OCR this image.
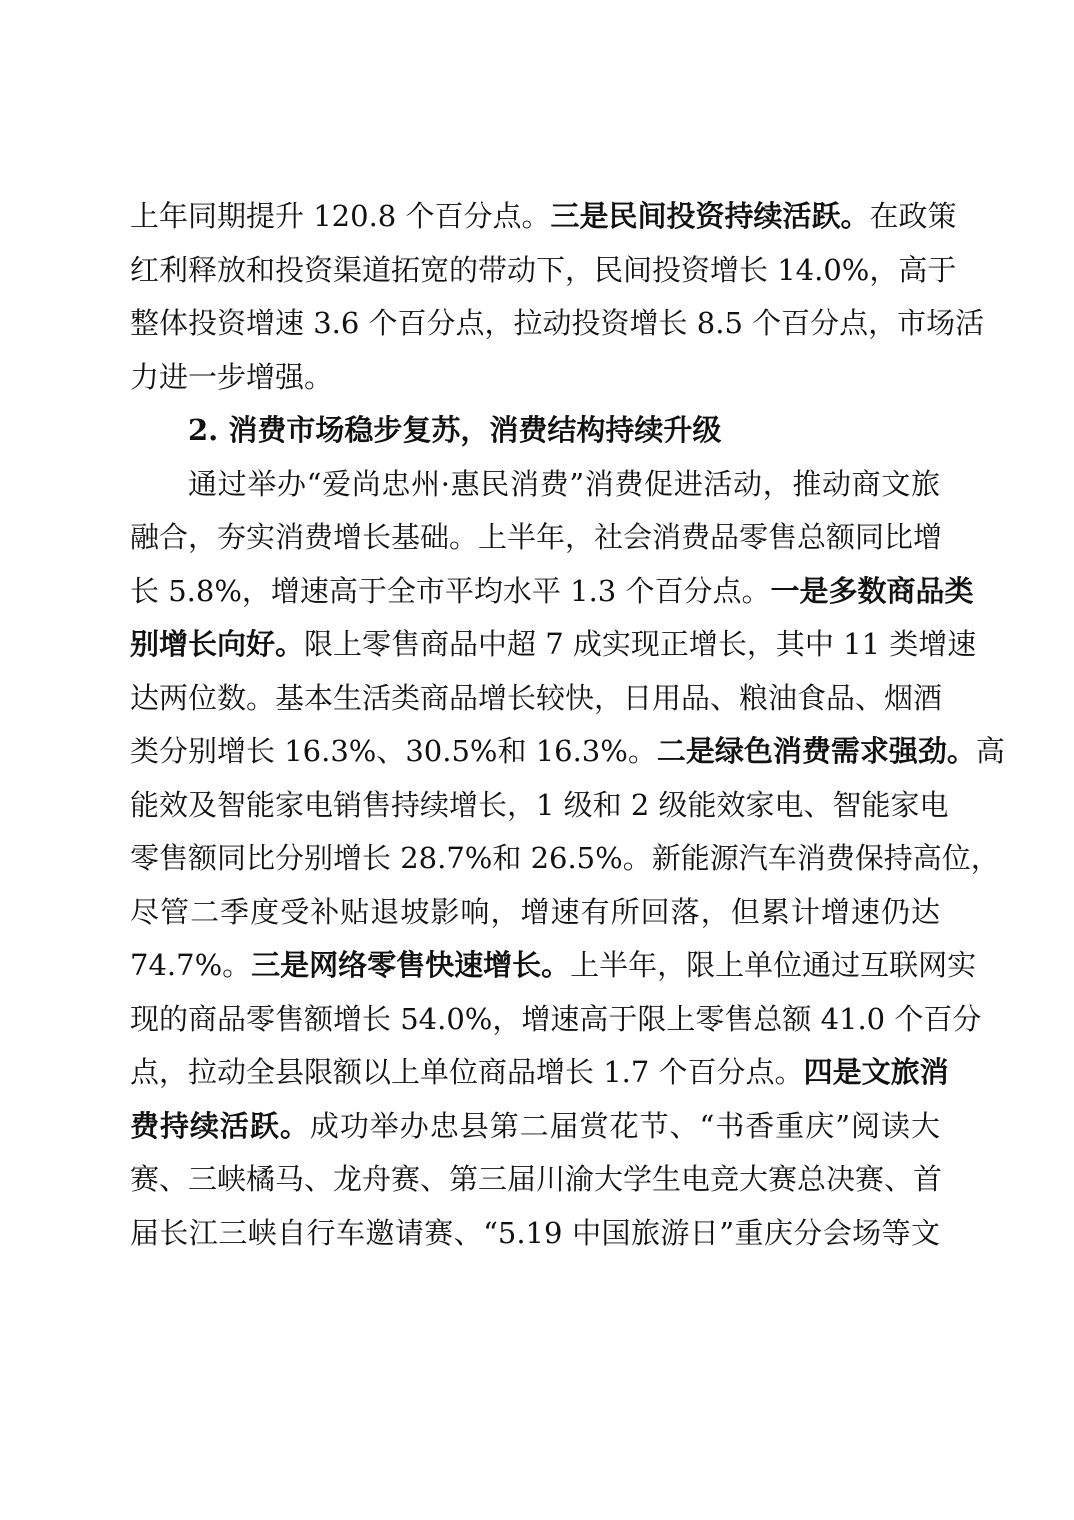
上年同期提升 120.8 个百分点。三是民间投资持续活跃。在政策
红利释放和投资渠道拓宽的带动下，民间投资增长 14.0%，高于
整体投资增速 3.6 个百分点，拉动投资增长 8.5 个百分点，市场活
力进一步增强。
2. 消费市场稳步复苏，消费结构持续升级
通过举办“爱尚忠州·惠民消费”消费促进活动，推动商文旅
融合，夯实消费增长基础。上半年，社会消费品零售总额同比增
长 5.8%，增速高于全市平均水平 1.3 个百分点。一是多数商品类
别增长向好。限上零售商品中超 7 成实现正增长，其中 11 类增速
达两位数。基本生活类商品增长较快，日用品、粮油食品、烟酒
类分别增长 16.3%、30.5%和 16.3%。二是绿色消费需求强劲。高
能效及智能家电销售持续增长，1 级和 2 级能效家电、智能家电
零售额同比分别增长 28.7%和 26.5%。新能源汽车消费保持高位，
尽管二季度受补贴退坡影响，增速有所回落，但累计增速仍达
74.7%。三是网络零售快速增长。上半年，限上单位通过互联网实
现的商品零售额增长 54.0%，增速高于限上零售总额 41.0 个百分
点，拉动全县限额以上单位商品增长 1.7 个百分点。四是文旅消
费持续活跃。成功举办忠县第二届赏花节、“书香重庆”阅读大
赛、三峡橘马、龙舟赛、第三届川渝大学生电竞大赛总决赛、首
届长江三峡自行车邀请赛、“5.19 中国旅游日”重庆分会场等文
